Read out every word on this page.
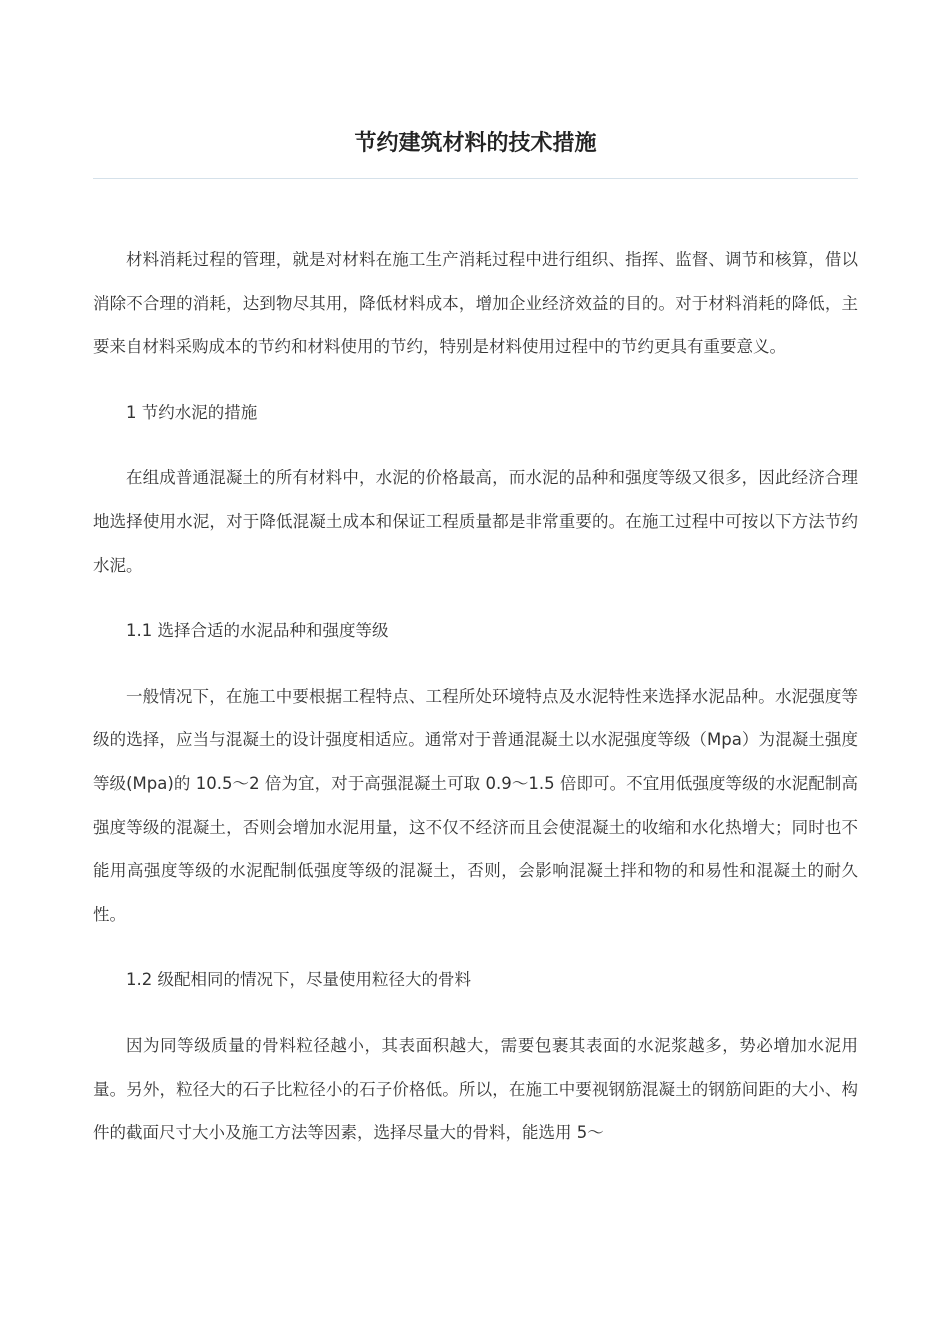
节约建筑材料的技术措施

材料消耗过程的管理，就是对材料在施工生产消耗过程中进行组织、指挥、监督、调节和核算，借以消除不合理的消耗，达到物尽其用，降低材料成本，增加企业经济效益的目的。对于材料消耗的降低，主要来自材料采购成本的节约和材料使用的节约，特别是材料使用过程中的节约更具有重要意义。

1 节约水泥的措施

在组成普通混凝土的所有材料中，水泥的价格最高，而水泥的品种和强度等级又很多，因此经济合理地选择使用水泥，对于降低混凝土成本和保证工程质量都是非常重要的。在施工过程中可按以下方法节约水泥。

1.1 选择合适的水泥品种和强度等级

一般情况下，在施工中要根据工程特点、工程所处环境特点及水泥特性来选择水泥品种。水泥强度等级的选择，应当与混凝土的设计强度相适应。通常对于普通混凝土以水泥强度等级（Mpa）为混凝土强度等级(Mpa)的 10.5～2 倍为宜，对于高强混凝土可取 0.9～1.5 倍即可。不宜用低强度等级的水泥配制高强度等级的混凝土，否则会增加水泥用量，这不仅不经济而且会使混凝土的收缩和水化热增大；同时也不能用高强度等级的水泥配制低强度等级的混凝土，否则，会影响混凝土拌和物的和易性和混凝土的耐久性。

1.2 级配相同的情况下，尽量使用粒径大的骨料

因为同等级质量的骨料粒径越小，其表面积越大，需要包裹其表面的水泥浆越多，势必增加水泥用量。另外，粒径大的石子比粒径小的石子价格低。所以，在施工中要视钢筋混凝土的钢筋间距的大小、构件的截面尺寸大小及施工方法等因素，选择尽量大的骨料，能选用 5～
